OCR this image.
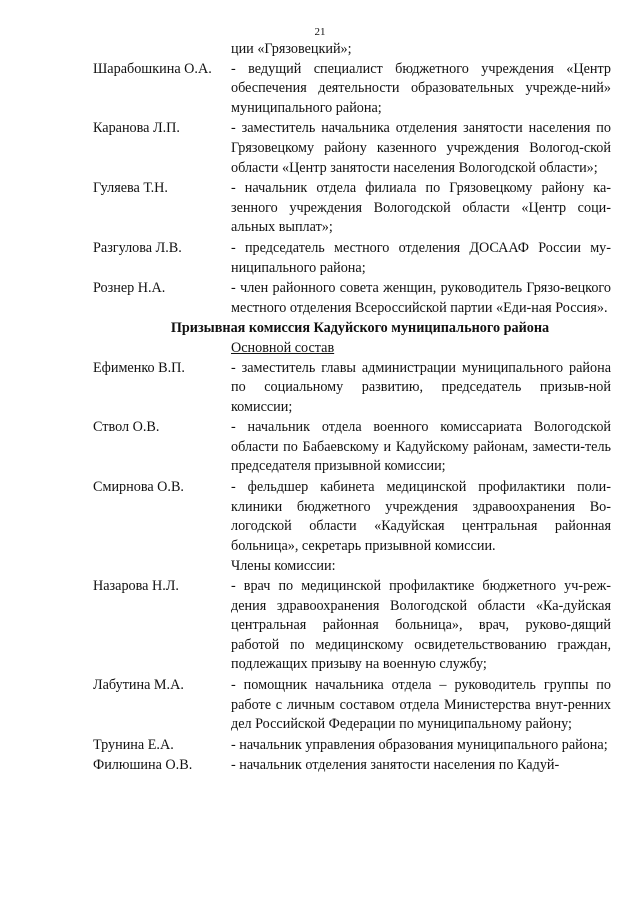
21
ции «Грязовецкий»;
Шарабошкина О.А.	- ведущий специалист бюджетного учреждения «Центр обеспечения деятельности образовательных учрежде-ний» муниципального района;
Каранова Л.П.	- заместитель начальника отделения занятости населения по Грязовецкому району казенного учреждения Вологод-ской области «Центр занятости населения Вологодской области»;
Гуляева Т.Н.	- начальник отдела филиала по Грязовецкому району ка-зенного учреждения Вологодской области «Центр соци-альных выплат»;
Разгулова Л.В.	- председатель местного отделения ДОСААФ России му-ниципального района;
Рознер Н.А.	- член районного совета женщин, руководитель Грязо-вецкого местного отделения Всероссийской партии «Еди-ная Россия».
Призывная комиссия Кадуйского муниципального района
Основной состав
Ефименко В.П.	- заместитель главы администрации муниципального района по социальному развитию, председатель призыв-ной комиссии;
Ствол О.В.	- начальник отдела военного комиссариата Вологодской области по Бабаевскому и Кадуйскому районам, замести-тель председателя призывной комиссии;
Смирнова О.В.	- фельдшер кабинета медицинской профилактики поли-клиники бюджетного учреждения здравоохранения Во-логодской области «Кадуйская центральная районная больница», секретарь призывной комиссии.
Члены комиссии:
Назарова Н.Л.	- врач по медицинской профилактике бюджетного уч-реж-дения здравоохранения Вологодской области «Ка-дуйская центральная районная больница», врач, руково-дящий работой по медицинскому освидетельствованию граждан, подлежащих призыву на военную службу;
Лабутина М.А.	- помощник начальника отдела – руководитель группы по работе с личным составом отдела Министерства внут-ренних дел Российской Федерации по муниципальному району;
Трунина Е.А.	- начальник управления образования муниципального района;
Филюшина О.В.	- начальник отделения занятости населения по Кадуй-
